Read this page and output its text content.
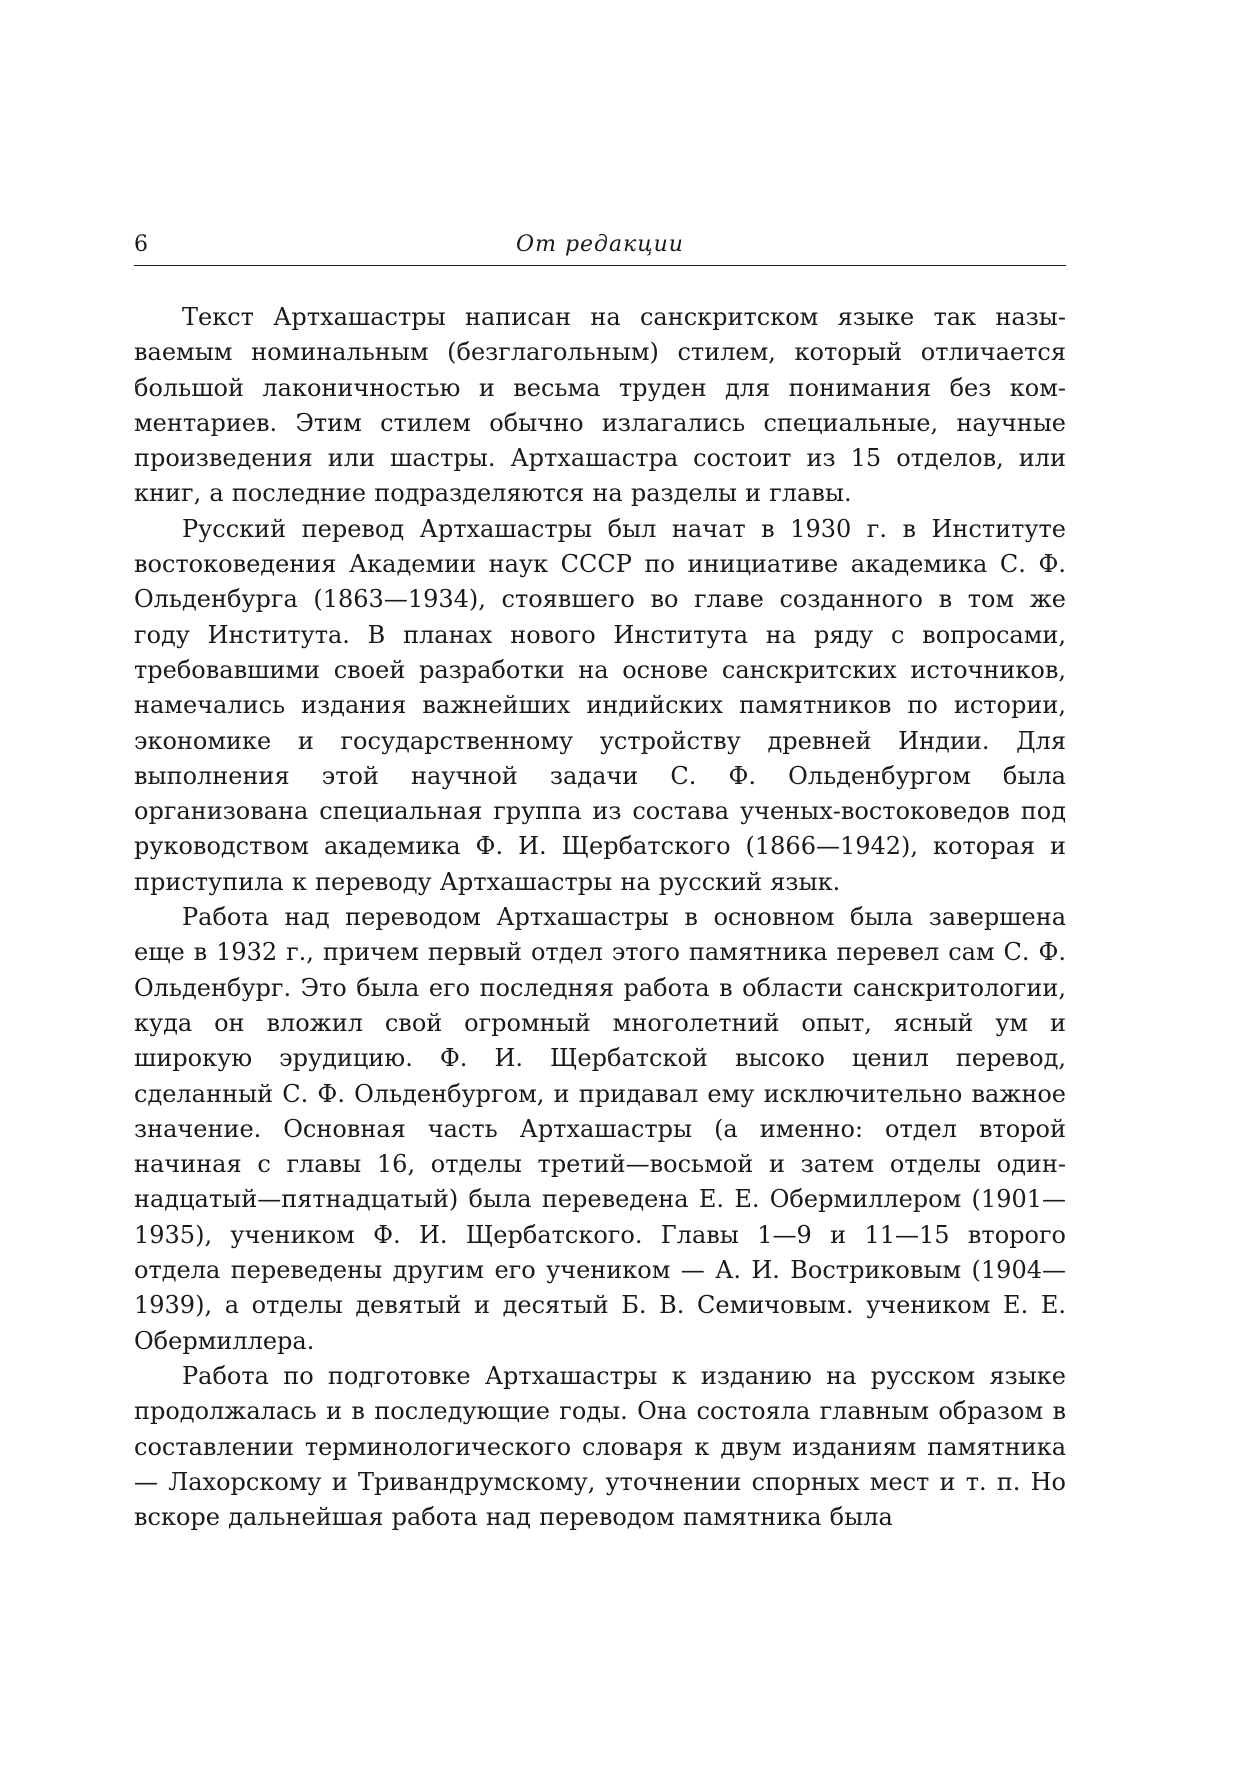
6	От редакции

Текст Артхашастры написан на санскритском языке так называемым номинальным (безглагольным) стилем, который отличается большой лаконичностью и весьма труден для понимания без комментариев. Этим стилем обычно излагались специальные, научные произведения или шастры. Артхашастра состоит из 15 отделов, или книг, а последние подразделяются на разделы и главы.

Русский перевод Артхашастры был начат в 1930 г. в Институте востоковедения Академии наук СССР по инициативе академика С. Ф. Ольденбурга (1863—1934), стоявшего во главе созданного в том же году Института. В планах нового Института на ряду с вопросами, требовавшими своей разработки на основе санскритских источников, намечались издания важнейших индийских памятников по истории, экономике и государственному устройству древней Индии. Для выполнения этой научной задачи С. Ф. Ольденбургом была организована специальная группа из состава ученых-востоковедов под руководством академика Ф. И. Щербатского (1866—1942), которая и приступила к переводу Артхашастры на русский язык.

Работа над переводом Артхашастры в основном была завершена еще в 1932 г., причем первый отдел этого памятника перевел сам С. Ф. Ольденбург. Это была его последняя работа в области санскритологии, куда он вложил свой огромный многолетний опыт, ясный ум и широкую эрудицию. Ф. И. Щербатской высоко ценил перевод, сделанный С. Ф. Ольденбургом, и придавал ему исключительно важное значение. Основная часть Артхашастры (а именно: отдел второй начиная с главы 16, отделы третий—восьмой и затем отделы одиннадцатый—пятнадцатый) была переведена Е. Е. Обермиллером (1901—1935), учеником Ф. И. Щербатского. Главы 1—9 и 11—15 второго отдела переведены другим его учеником — А. И. Востриковым (1904—1939), а отделы девятый и десятый Б. В. Семичовым. учеником Е. Е. Обермиллера.

Работа по подготовке Артхашастры к изданию на русском языке продолжалась и в последующие годы. Она состояла главным образом в составлении терминологического словаря к двум изданиям памятника — Лахорскому и Тривандрумскому, уточнении спорных мест и т. п. Но вскоре дальнейшая работа над переводом памятника была
